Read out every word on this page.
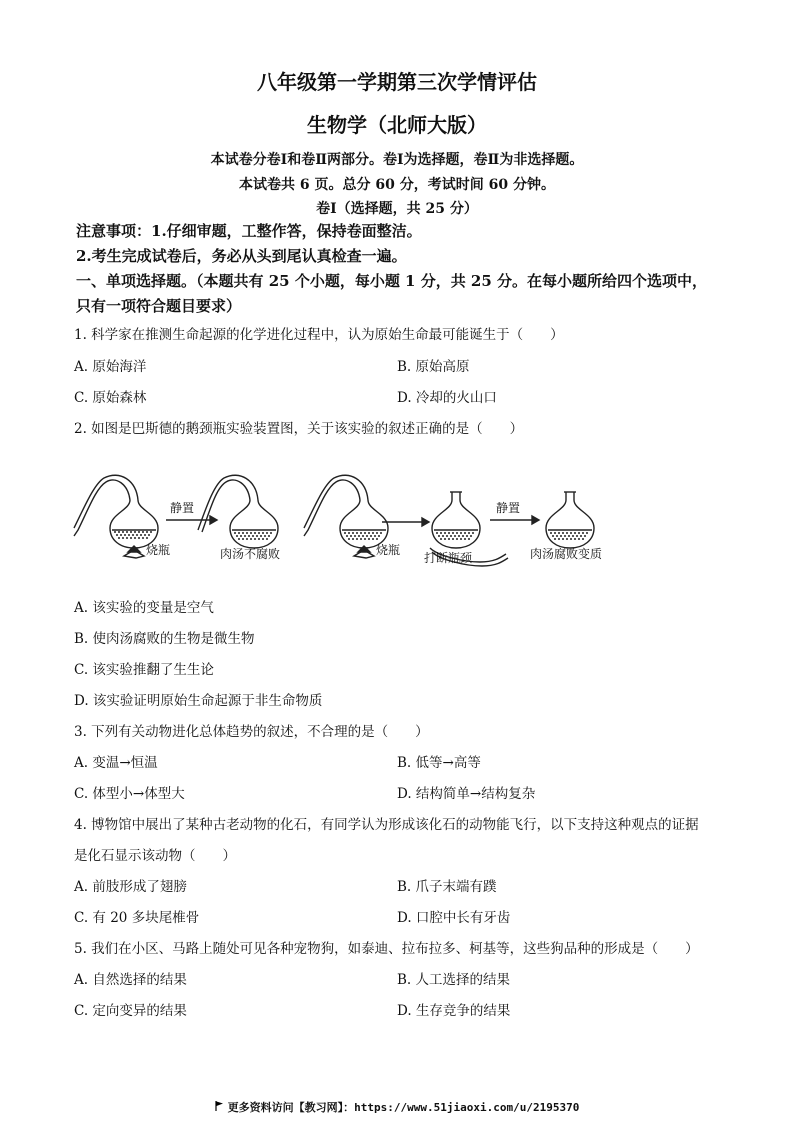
八年级第一学期第三次学情评估
生物学（北师大版）
本试卷分卷Ⅰ和卷Ⅱ两部分。卷Ⅰ为选择题，卷Ⅱ为非选择题。
本试卷共 6 页。总分 60 分，考试时间 60 分钟。
卷Ⅰ（选择题，共 25 分）
注意事项：1.仔细审题，工整作答，保持卷面整洁。
2.考生完成试卷后，务必从头到尾认真检查一遍。
一、单项选择题。（本题共有 25 个小题，每小题 1 分，共 25 分。在每小题所给四个选项中，
只有一项符合题目要求）
1. 科学家在推测生命起源的化学进化过程中，认为原始生命最可能诞生于（　　）
A. 原始海洋	B. 原始高原
C. 原始森林	D. 冷却的火山口
2. 如图是巴斯德的鹅颈瓶实验装置图，关于该实验的叙述正确的是（　　）
静置
烧瓶	肉汤不腐败	烧瓶
打断瓶颈
静置
肉汤腐败变质
A. 该实验的变量是空气
B. 使肉汤腐败的生物是微生物
C. 该实验推翻了生生论
D. 该实验证明原始生命起源于非生命物质
3. 下列有关动物进化总体趋势的叙述，不合理的是（　　）
A. 变温→恒温	B. 低等→高等
C. 体型小→体型大	D. 结构简单→结构复杂
4. 博物馆中展出了某种古老动物的化石，有同学认为形成该化石的动物能飞行，以下支持这种观点的证据
是化石显示该动物（　　）
A. 前肢形成了翅膀	B. 爪子末端有蹼
C. 有 20 多块尾椎骨	D. 口腔中长有牙齿
5. 我们在小区、马路上随处可见各种宠物狗，如泰迪、拉布拉多、柯基等，这些狗品种的形成是（　　）
A. 自然选择的结果	B. 人工选择的结果
C. 定向变异的结果	D. 生存竞争的结果
更多资料访问【教习网】：https://www.51jiaoxi.com/u/2195370
